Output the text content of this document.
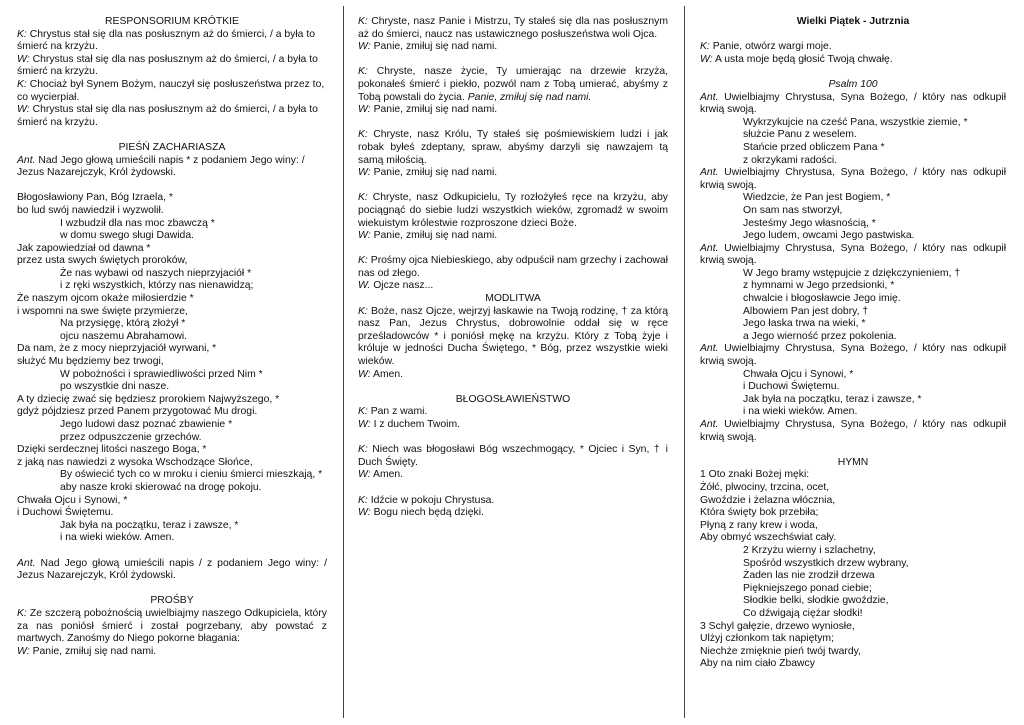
RESPONSORIUM KRÓTKIE
K: Chrystus stał się dla nas posłusznym aż do śmierci, / a była to śmierć na krzyżu.
W: Chrystus stał się dla nas posłusznym aż do śmierci, / a była to śmierć na krzyżu.
K: Chociaż był Synem Bożym, nauczył się posłuszeństwa przez to, co wycierpiał.
W: Chrystus stał się dla nas posłusznym aż do śmierci, / a była to śmierć na krzyżu.
PIEŚŃ ZACHARIASZA
Ant. Nad Jego głową umieścili napis * z podaniem Jego winy: / Jezus Nazarejczyk, Król żydowski.
Błogosławiony Pan, Bóg Izraela, *
bo lud swój nawiedził i wyzwolił.
I wzbudził dla nas moc zbawczą *
w domu swego sługi Dawida.
Jak zapowiedział od dawna *
przez usta swych świętych proroków,
Że nas wybawi od naszych nieprzyjaciół *
i z ręki wszystkich, którzy nas nienawidzą;
Że naszym ojcom okaże miłosierdzie *
i wspomni na swe święte przymierze,
Na przysięgę, którą złożył *
ojcu naszemu Abrahamowi.
Da nam, że z mocy nieprzyjaciół wyrwani, *
służyć Mu będziemy bez trwogi,
W pobożności i sprawiedliwości przed Nim *
po wszystkie dni nasze.
A ty dziecię zwać się będziesz prorokiem Najwyższego, *
gdyż pójdziesz przed Panem przygotować Mu drogi.
Jego ludowi dasz poznać zbawienie *
przez odpuszczenie grzechów.
Dzięki serdecznej litości naszego Boga, *
z jaką nas nawiedzi z wysoka Wschodzące Słońce,
By oświecić tych co w mroku i cieniu śmierci mieszkają, *
aby nasze kroki skierować na drogę pokoju.
Chwała Ojcu i Synowi, *
i Duchowi Świętemu.
Jak była na początku, teraz i zawsze, *
i na wieki wieków. Amen.
Ant. Nad Jego głową umieścili napis / z podaniem Jego winy: / Jezus Nazarejczyk, Król żydowski.
PROŚBY
K: Ze szczerą pobożnością uwielbiajmy naszego Odkupiciela, który za nas poniósł śmierć i został pogrzebany, aby powstać z martwych. Zanośmy do Niego pokorne błagania:
W: Panie, zmiłuj się nad nami.
K: Chryste, nasz Panie i Mistrzu, Ty stałeś się dla nas posłusznym aż do śmierci, naucz nas ustawicznego posłuszeństwa woli Ojca.
W: Panie, zmiłuj się nad nami.
K: Chryste, nasze życie, Ty umierając na drzewie krzyża, pokonałeś śmierć i piekło, pozwól nam z Tobą umierać, abyśmy z Tobą powstali do życia. Panie, zmiłuj się nad nami.
W: Panie, zmiłuj się nad nami.
K: Chryste, nasz Królu, Ty stałeś się pośmiewiskiem ludzi i jak robak byłeś zdeptany, spraw, abyśmy darzyli się nawzajem tą samą miłością.
W: Panie, zmiłuj się nad nami.
K: Chryste, nasz Odkupicielu, Ty rozłożyłeś ręce na krzyżu, aby pociągnąć do siebie ludzi wszystkich wieków, zgromadź w swoim wiekuistym królestwie rozproszone dzieci Boże.
W: Panie, zmiłuj się nad nami.
K: Prośmy ojca Niebieskiego, aby odpuścił nam grzechy i zachował nas od złego.
W. Ojcze nasz...
MODLITWA
K: Boże, nasz Ojcze, wejrzyj łaskawie na Twoją rodzinę, † za którą nasz Pan, Jezus Chrystus, dobrowolnie oddał się w ręce prześladowców * i poniósł mękę na krzyżu. Który z Tobą żyje i króluje w jedności Ducha Świętego, * Bóg, przez wszystkie wieki wieków.
W: Amen.
BŁOGOSŁAWIEŃSTWO
K: Pan z wami.
W: I z duchem Twoim.
K: Niech was błogosławi Bóg wszechmogący, * Ojciec i Syn, † i Duch Święty.
W: Amen.
K: Idźcie w pokoju Chrystusa.
W: Bogu niech będą dzięki.
Wielki Piątek - Jutrznia
K: Panie, otwórz wargi moje.
W: A usta moje będą głosić Twoją chwałę.
Psalm 100
Ant. Uwielbiajmy Chrystusa, Syna Bożego, / który nas odkupił krwią swoją.
Wykrzykujcie na cześć Pana, wszystkie ziemie, *
służcie Panu z weselem.
Stańcie przed obliczem Pana *
z okrzykami radości.
Ant. Uwielbiajmy Chrystusa, Syna Bożego, / który nas odkupił krwią swoją.
Wiedzcie, że Pan jest Bogiem, *
On sam nas stworzył,
Jesteśmy Jego własnością, *
Jego ludem, owcami Jego pastwiska.
Ant. Uwielbiajmy Chrystusa, Syna Bożego, / który nas odkupił krwią swoją.
W Jego bramy wstępujcie z dziękczynieniem, †
z hymnami w Jego przedsionki, *
chwalcie i błogosławcie Jego imię.
Albowiem Pan jest dobry, †
Jego łaska trwa na wieki, *
a Jego wierność przez pokolenia.
Ant. Uwielbiajmy Chrystusa, Syna Bożego, / który nas odkupił krwią swoją.
Chwała Ojcu i Synowi, *
i Duchowi Świętemu.
Jak była na początku, teraz i zawsze, *
i na wieki wieków. Amen.
Ant. Uwielbiajmy Chrystusa, Syna Bożego, / który nas odkupił krwią swoją.
HYMN
1 Oto znaki Bożej męki:
Żółć, plwociny, trzcina, ocet,
Gwoździe i żelazna włócznia,
Która święty bok przebiła;
Płyną z rany krew i woda,
Aby obmyć wszechświat cały.
2 Krzyżu wierny i szlachetny,
Spośród wszystkich drzew wybrany,
Żaden las nie zrodził drzewa
Piękniejszego ponad ciebie;
Słodkie belki, słodkie gwoździe,
Co dźwigają ciężar słodki!
3 Schyl gałęzie, drzewo wyniosłe,
Ulżyj członkom tak napiętym;
Niechże zmięknie pień twój twardy,
Aby na nim ciało Zbawcy
